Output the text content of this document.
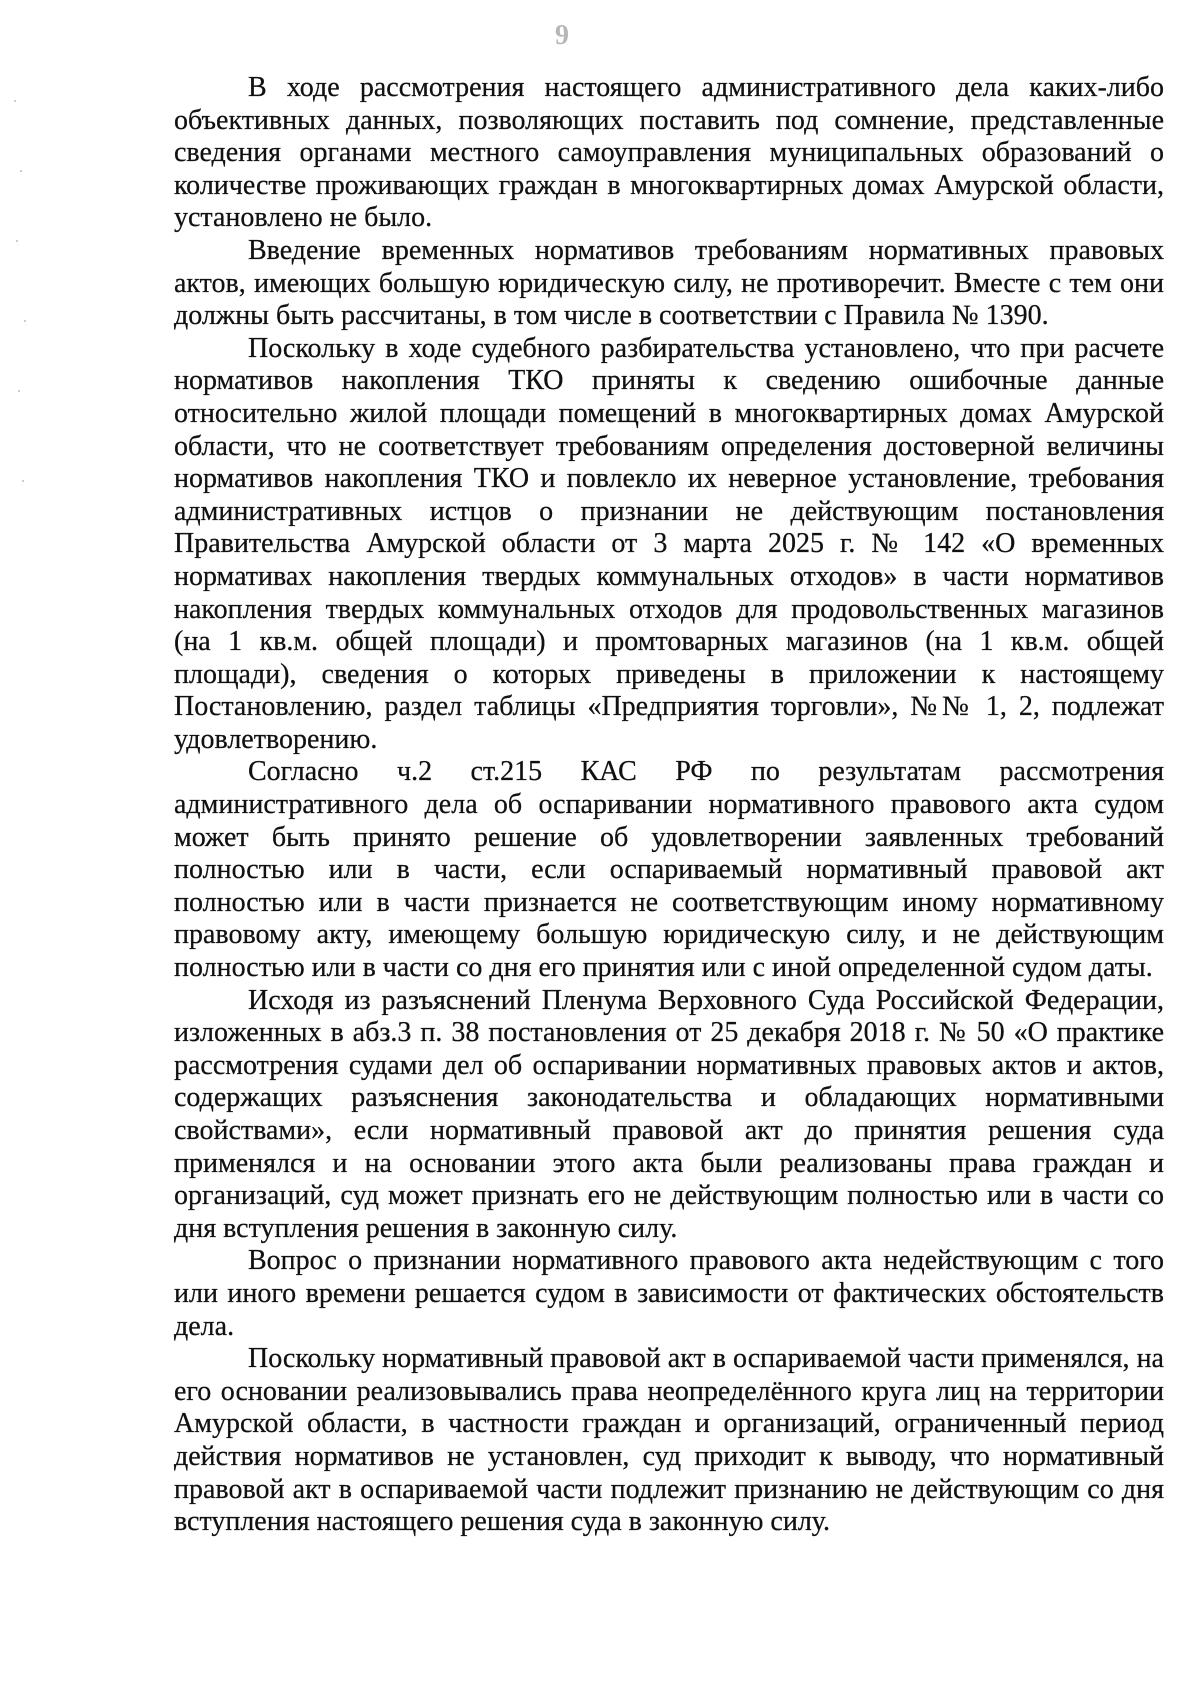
9

В ходе рассмотрения настоящего административного дела каких-либо объективных данных, позволяющих поставить под сомнение, представленные сведения органами местного самоуправления муниципальных образований о количестве проживающих граждан в многоквартирных домах Амурской области, установлено не было.

Введение временных нормативов требованиям нормативных правовых актов, имеющих большую юридическую силу, не противоречит. Вместе с тем они должны быть рассчитаны, в том числе в соответствии с Правила № 1390.

Поскольку в ходе судебного разбирательства установлено, что при расчете нормативов накопления ТКО приняты к сведению ошибочные данные относительно жилой площади помещений в многоквартирных домах Амурской области, что не соответствует требованиям определения достоверной величины нормативов накопления ТКО и повлекло их неверное установление, требования административных истцов о признании не действующим постановления Правительства Амурской области от 3 марта 2025 г. № 142 «О временных нормативах накопления твердых коммунальных отходов» в части нормативов накопления твердых коммунальных отходов для продовольственных магазинов (на 1 кв.м. общей площади) и промтоварных магазинов (на 1 кв.м. общей площади), сведения о которых приведены в приложении к настоящему Постановлению, раздел таблицы «Предприятия торговли», №№ 1, 2, подлежат удовлетворению.

Согласно ч.2 ст.215 КАС РФ по результатам рассмотрения административного дела об оспаривании нормативного правового акта судом может быть принято решение об удовлетворении заявленных требований полностью или в части, если оспариваемый нормативный правовой акт полностью или в части признается не соответствующим иному нормативному правовому акту, имеющему большую юридическую силу, и не действующим полностью или в части со дня его принятия или с иной определенной судом даты.

Исходя из разъяснений Пленума Верховного Суда Российской Федерации, изложенных в абз.3 п. 38 постановления от 25 декабря 2018 г. № 50 «О практике рассмотрения судами дел об оспаривании нормативных правовых актов и актов, содержащих разъяснения законодательства и обладающих нормативными свойствами», если нормативный правовой акт до принятия решения суда применялся и на основании этого акта были реализованы права граждан и организаций, суд может признать его не действующим полностью или в части со дня вступления решения в законную силу.

Вопрос о признании нормативного правового акта недействующим с того или иного времени решается судом в зависимости от фактических обстоятельств дела.

Поскольку нормативный правовой акт в оспариваемой части применялся, на его основании реализовывались права неопределённого круга лиц на территории Амурской области, в частности граждан и организаций, ограниченный период действия нормативов не установлен, суд приходит к выводу, что нормативный правовой акт в оспариваемой части подлежит признанию не действующим со дня вступления настоящего решения суда в законную силу.
